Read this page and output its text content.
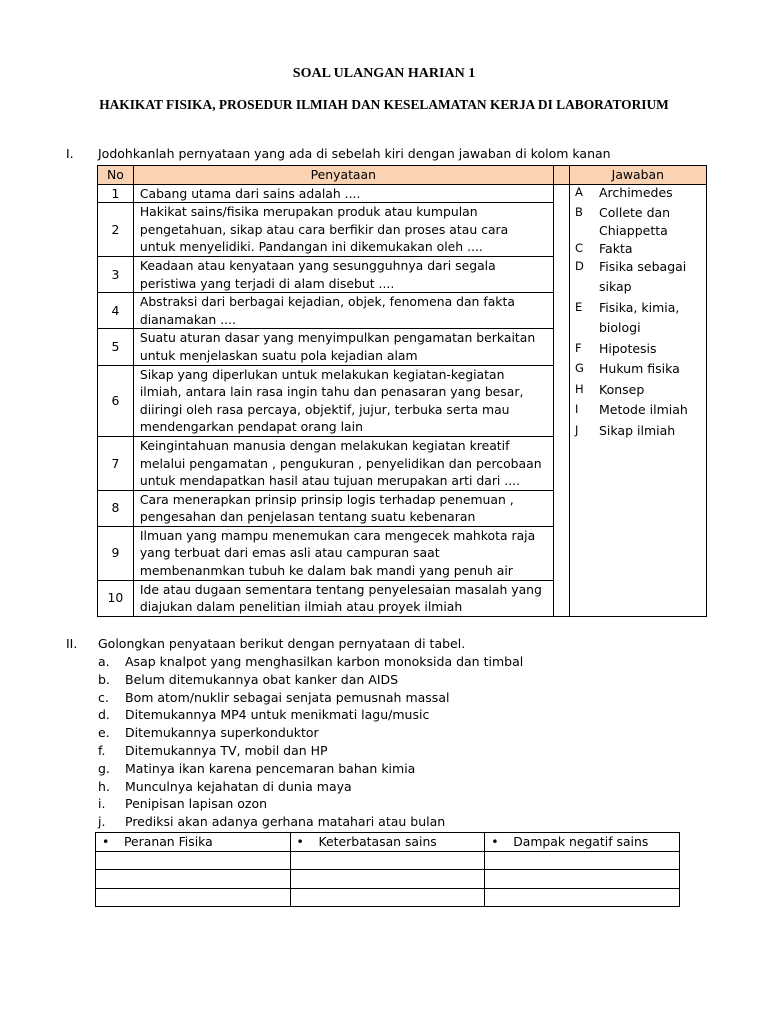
SOAL ULANGAN HARIAN 1
HAKIKAT FISIKA, PROSEDUR ILMIAH DAN KESELAMATAN KERJA DI LABORATORIUM
I. Jodohkanlah pernyataan yang ada di sebelah kiri dengan jawaban di kolom kanan
No	Penyataan		Jawaban
1	Cabang utama dari sains adalah ....		

2	Hakikat sains/fisika merupakan produk atau kumpulan
pengetahuan, sikap atau cara berfikir dan proses atau cara
untuk menyelidiki. Pandangan ini dikemukakan oleh ....		

3	Keadaan atau kenyataan yang sesungguhnya dari segala
peristiwa yang terjadi di alam disebut ....		

4	Abstraksi dari berbagai kejadian, objek, fenomena dan fakta
dianamakan ....		

5	Suatu aturan dasar yang menyimpulkan pengamatan berkaitan
untuk menjelaskan suatu pola kejadian alam		

6	Sikap yang diperlukan untuk melakukan kegiatan-kegiatan
ilmiah, antara lain rasa ingin tahu dan penasaran yang besar,
diiringi oleh rasa percaya, objektif, jujur, terbuka serta mau
mendengarkan pendapat orang lain		

7	Keingintahuan manusia dengan melakukan kegiatan kreatif
melalui pengamatan , pengukuran , penyelidikan dan percobaan
untuk mendapatkan hasil atau tujuan merupakan arti dari ....		

8	Cara menerapkan prinsip prinsip logis terhadap penemuan ,
pengesahan dan penjelasan tentang suatu kebenaran		

9	Ilmuan yang mampu menemukan cara mengecek mahkota raja
yang terbuat dari emas asli atau campuran saat
membenanmkan tubuh ke dalam bak mandi yang penuh air		

10	Ide atau dugaan sementara tentang penyelesaian masalah yang
diajukan dalam penelitian ilmiah atau proyek ilmiah		
A Archimedes
B Collete dan
Chiappetta
C Fakta
D Fisika sebagai
sikap
E Fisika, kimia,
biologi
F Hipotesis
G Hukum fisika
H Konsep
I Metode ilmiah
J Sikap ilmiah
II. Golongkan penyataan berikut dengan pernyataan di tabel.
a. Asap knalpot yang menghasilkan karbon monoksida dan timbal
b. Belum ditemukannya obat kanker dan AIDS
c. Bom atom/nuklir sebagai senjata pemusnah massal
d. Ditemukannya MP4 untuk menikmati lagu/music
e. Ditemukannya superkonduktor
f. Ditemukannya TV, mobil dan HP
g. Matinya ikan karena pencemaran bahan kimia
h. Munculnya kejahatan di dunia maya
i. Penipisan lapisan ozon
j. Prediksi akan adanya gerhana matahari atau bulan
• Peranan Fisika	• Keterbatasan sains	• Dampak negatif sains
